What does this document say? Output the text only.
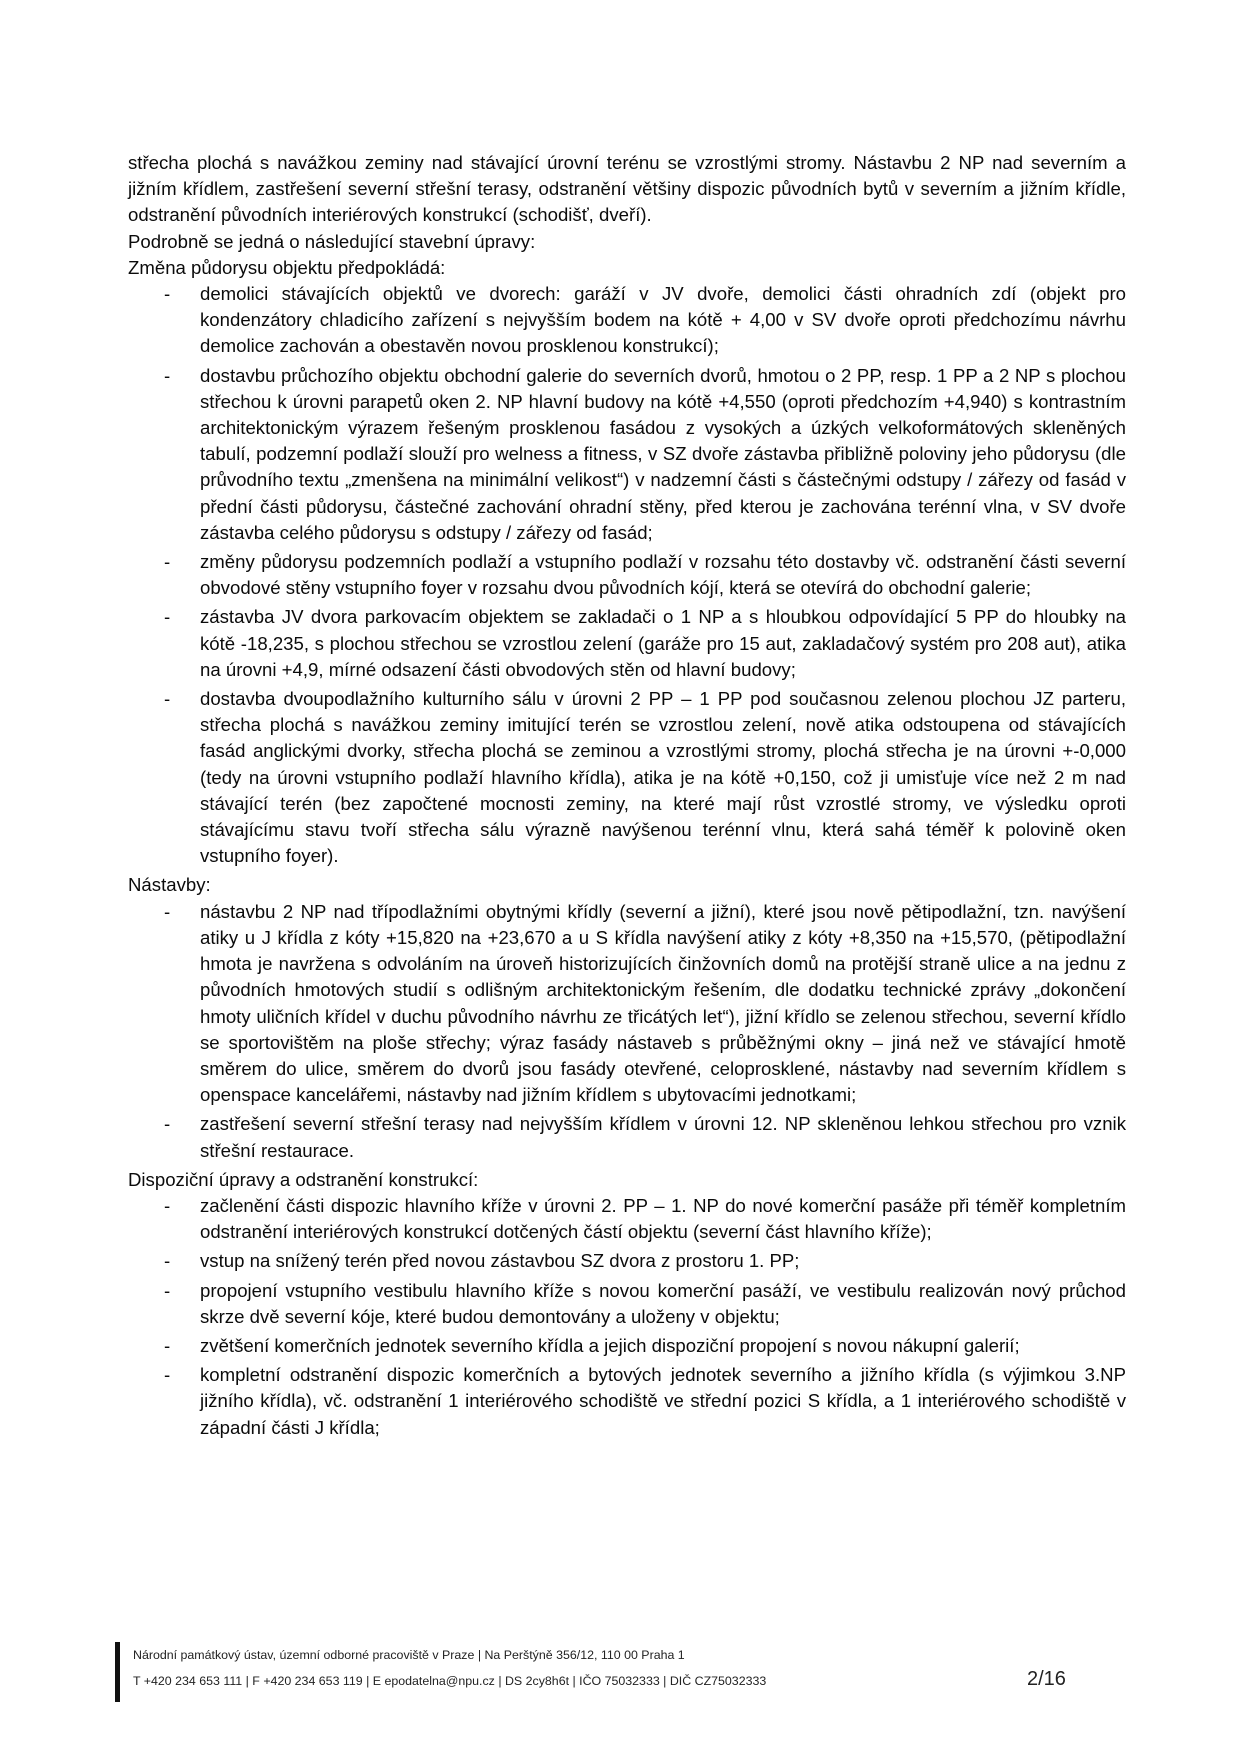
střecha plochá s navážkou zeminy nad stávající úrovní terénu se vzrostlými stromy. Nástavbu 2 NP nad severním a jižním křídlem, zastřešení severní střešní terasy, odstranění většiny dispozic původních bytů v severním a jižním křídle, odstranění původních interiérových konstrukcí (schodišť, dveří).

Podrobně se jedná o následující stavební úpravy:

Změna půdorysu objektu předpokládá:

- demolici stávajících objektů ve dvorech: garáží v JV dvoře, demolici části ohradních zdí (objekt pro kondenzátory chladicího zařízení s nejvyšším bodem na kótě + 4,00 v SV dvoře oproti předchozímu návrhu demolice zachován a obestavěn novou prosklenou konstrukcí);
- dostavbu průchozího objektu obchodní galerie do severních dvorů, hmotou o 2 PP, resp. 1 PP a 2 NP s plochou střechou k úrovni parapetů oken 2. NP hlavní budovy na kótě +4,550 (oproti předchozím +4,940) s kontrastním architektonickým výrazem řešeným prosklenou fasádou z vysokých a úzkých velkoformátových skleněných tabulí, podzemní podlaží slouží pro welness a fitness, v SZ dvoře zástavba přibližně poloviny jeho půdorysu (dle průvodního textu „zmenšena na minimální velikost“) v nadzemní části s částečnými odstupy / zářezy od fasád v přední části půdorysu, částečné zachování ohradní stěny, před kterou je zachována terénní vlna, v SV dvoře zástavba celého půdorysu s odstupy / zářezy od fasád;
- změny půdorysu podzemních podlaží a vstupního podlaží v rozsahu této dostavby vč. odstranění části severní obvodové stěny vstupního foyer v rozsahu dvou původních kójí, která se otevírá do obchodní galerie;
- zástavba JV dvora parkovacím objektem se zakladači o 1 NP a s hloubkou odpovídající 5 PP do hloubky na kótě -18,235, s plochou střechou se vzrostlou zelení (garáže pro 15 aut, zakladačový systém pro 208 aut), atika na úrovni +4,9, mírné odsazení části obvodových stěn od hlavní budovy;
- dostavba dvoupodlažního kulturního sálu v úrovni 2 PP – 1 PP pod současnou zelenou plochou JZ parteru, střecha plochá s navážkou zeminy imitující terén se vzrostlou zelení, nově atika odstoupena od stávajících fasád anglickými dvorky, střecha plochá se zeminou a vzrostlými stromy, plochá střecha je na úrovni +-0,000 (tedy na úrovni vstupního podlaží hlavního křídla), atika je na kótě +0,150, což ji umisťuje více než 2 m nad stávající terén (bez započtené mocnosti zeminy, na které mají růst vzrostlé stromy, ve výsledku oproti stávajícímu stavu tvoří střecha sálu výrazně navýšenou terénní vlnu, která sahá téměř k polovině oken vstupního foyer).

Nástavby:

- nástavbu 2 NP nad třípodlažními obytnými křídly (severní a jižní), které jsou nově pětipodlažní, tzn. navýšení atiky u J křídla z kóty +15,820 na +23,670 a u S křídla navýšení atiky z kóty +8,350 na +15,570, (pětipodlažní hmota je navržena s odvoláním na úroveň historizujících činžovních domů na protější straně ulice a na jednu z původních hmotových studií s odlišným architektonickým řešením, dle dodatku technické zprávy „dokončení hmoty uličních křídel v duchu původního návrhu ze třicátých let“), jižní křídlo se zelenou střechou, severní křídlo se sportovištěm na ploše střechy; výraz fasády nástaveb s průběžnými okny – jiná než ve stávající hmotě směrem do ulice, směrem do dvorů jsou fasády otevřené, celoprosklené, nástavby nad severním křídlem s openspace kancelářemi, nástavby nad jižním křídlem s ubytovacími jednotkami;
- zastřešení severní střešní terasy nad nejvyšším křídlem v úrovni 12. NP skleněnou lehkou střechou pro vznik střešní restaurace.

Dispoziční úpravy a odstranění konstrukcí:

- začlenění části dispozic hlavního kříže v úrovni 2. PP – 1. NP do nové komerční pasáže při téměř kompletním odstranění interiérových konstrukcí dotčených částí objektu (severní část hlavního kříže);
- vstup na snížený terén před novou zástavbou SZ dvora z prostoru 1. PP;
- propojení vstupního vestibulu hlavního kříže s novou komerční pasáží, ve vestibulu realizován nový průchod skrze dvě severní kóje, které budou demontovány a uloženy v objektu;
- zvětšení komerčních jednotek severního křídla a jejich dispoziční propojení s novou nákupní galerií;
- kompletní odstranění dispozic komerčních a bytových jednotek severního a jižního křídla (s výjimkou 3.NP jižního křídla), vč. odstranění 1 interiérového schodiště ve střední pozici S křídla, a 1 interiérového schodiště v západní části J křídla;
Národní památkový ústav, územní odborné pracoviště v Praze | Na Perštýně 356/12, 110 00 Praha 1
T +420 234 653 111 | F +420 234 653 119 | E epodatelna@npu.cz | DS 2cy8h6t | IČO 75032333 | DIČ CZ75032333	2/16
